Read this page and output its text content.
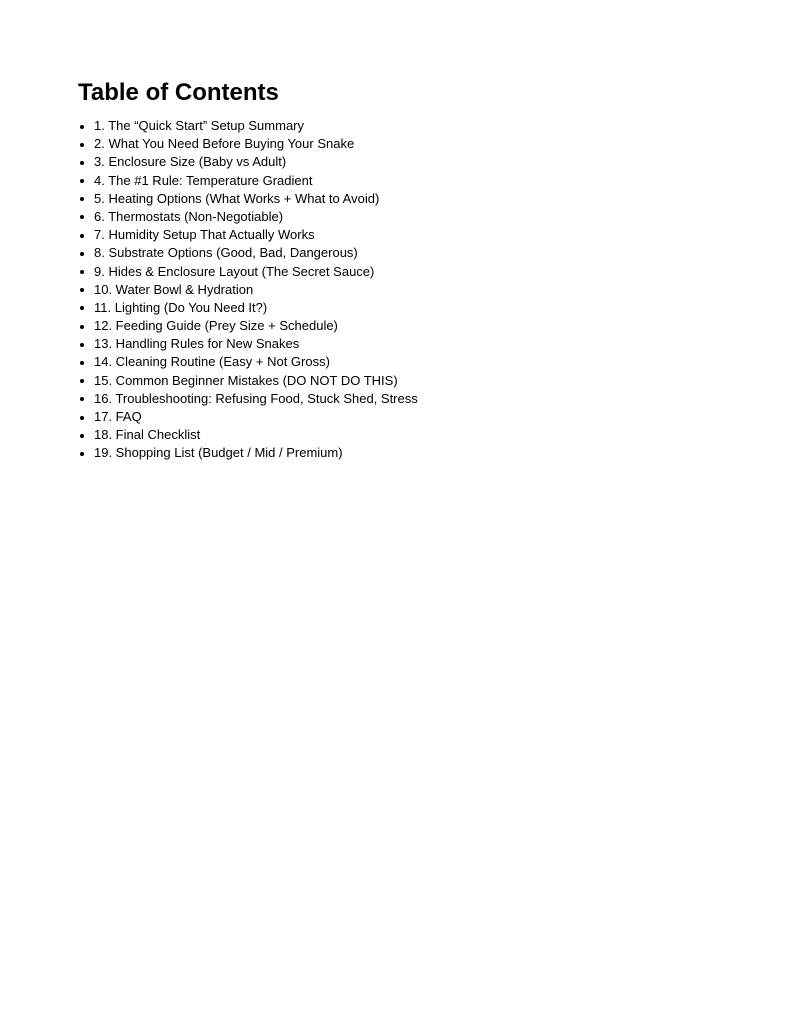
Table of Contents
1. The “Quick Start” Setup Summary
2. What You Need Before Buying Your Snake
3. Enclosure Size (Baby vs Adult)
4. The #1 Rule: Temperature Gradient
5. Heating Options (What Works + What to Avoid)
6. Thermostats (Non-Negotiable)
7. Humidity Setup That Actually Works
8. Substrate Options (Good, Bad, Dangerous)
9. Hides & Enclosure Layout (The Secret Sauce)
10. Water Bowl & Hydration
11. Lighting (Do You Need It?)
12. Feeding Guide (Prey Size + Schedule)
13. Handling Rules for New Snakes
14. Cleaning Routine (Easy + Not Gross)
15. Common Beginner Mistakes (DO NOT DO THIS)
16. Troubleshooting: Refusing Food, Stuck Shed, Stress
17. FAQ
18. Final Checklist
19. Shopping List (Budget / Mid / Premium)
